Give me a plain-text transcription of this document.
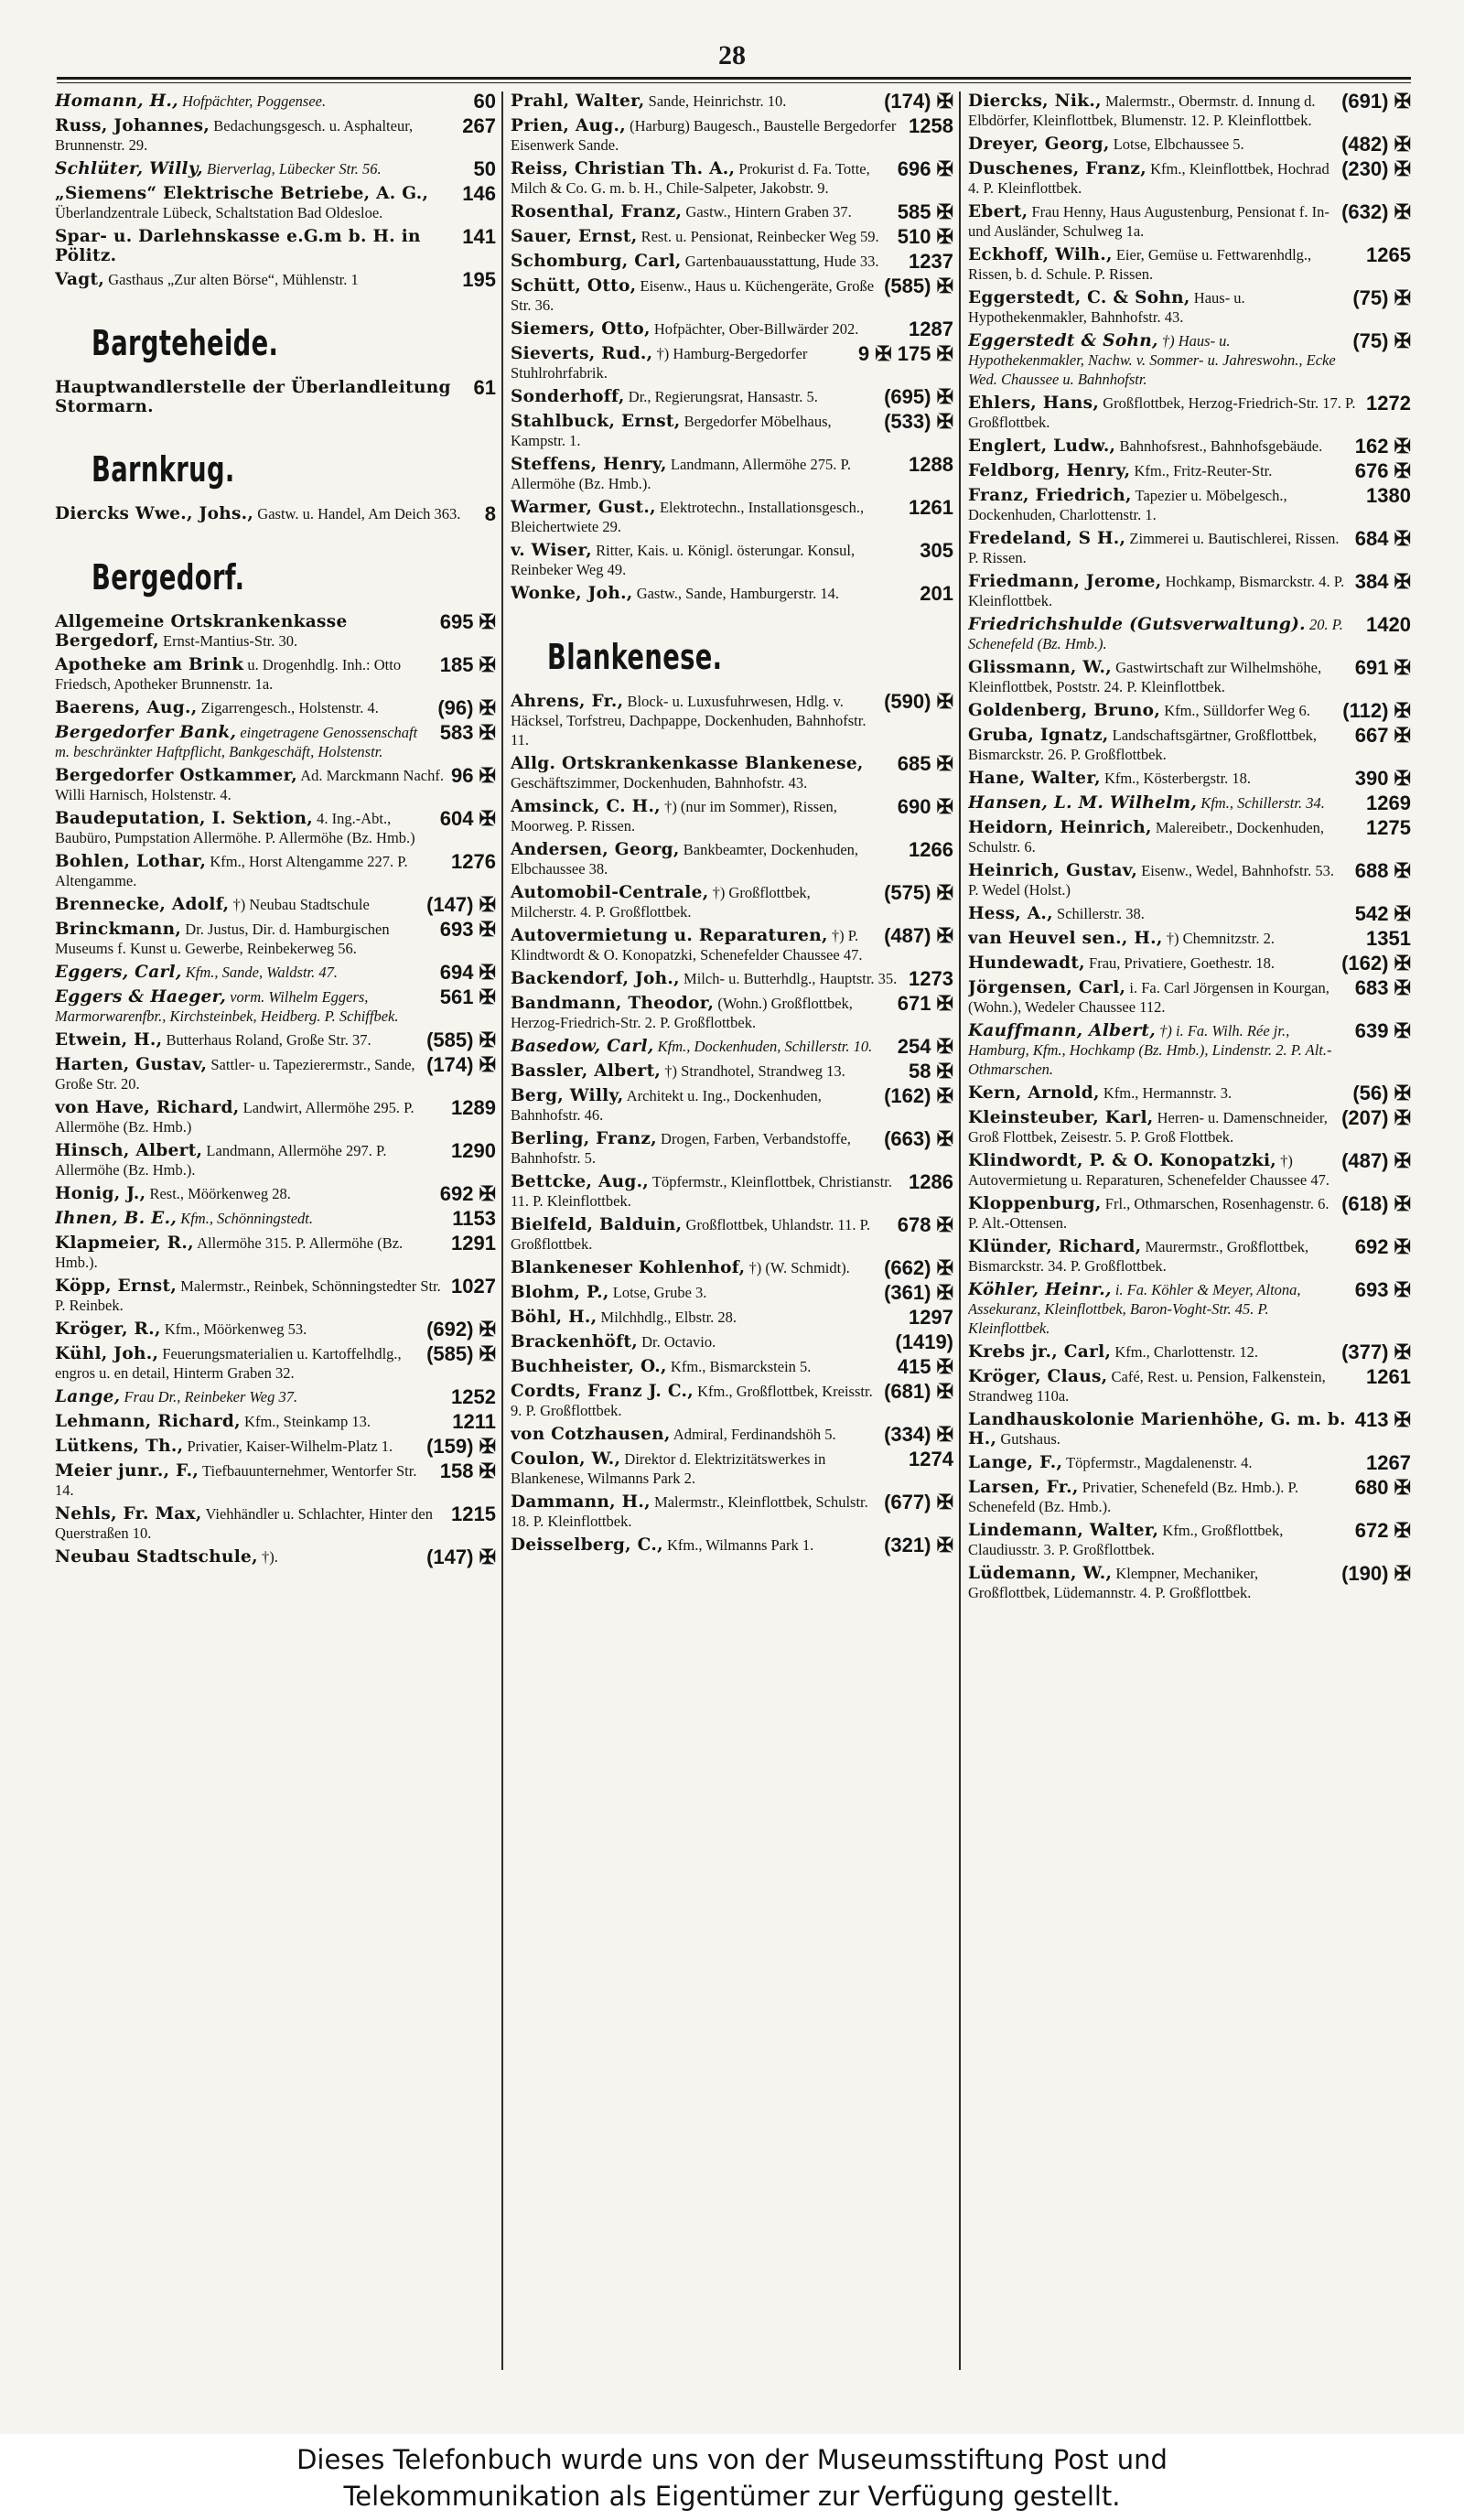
28
60
Homann, H., Hofpächter, Poggensee.
267
Russ, Johannes, Bedachungsgesch. u. Asphalteur, Brunnenstr. 29.
50
Schlüter, Willy, Bierverlag, Lübecker Str. 56.
146
„Siemens“ Elektrische Betriebe, A. G., Überlandzentrale Lübeck, Schaltstation Bad Oldesloe.
141
Spar- u. Darlehnskasse e.G.m b. H. in Pölitz.
195
Vagt, Gasthaus „Zur alten Börse“, Mühlenstr. 1
Bargteheide.
61
Hauptwandlerstelle der Überlandleitung Stormarn.
Barnkrug.
8
Diercks Wwe., Johs., Gastw. u. Handel, Am Deich 363.
Bergedorf.
695 ✠
Allgemeine Ortskrankenkasse Bergedorf, Ernst-Mantius-Str. 30.
185 ✠
Apotheke am Brink u. Drogenhdlg. Inh.: Otto Friedsch, Apotheker Brunnenstr. 1a.
(96) ✠
Baerens, Aug., Zigarrengesch., Holstenstr. 4.
583 ✠
Bergedorfer Bank, eingetragene Genossenschaft m. beschränkter Haftpflicht, Bankgeschäft, Holstenstr.
96 ✠
Bergedorfer Ostkammer, Ad. Marckmann Nachf. Willi Harnisch, Holstenstr. 4.
604 ✠
Baudeputation, I. Sektion, 4. Ing.-Abt., Baubüro, Pumpstation Allermöhe. P. Allermöhe (Bz. Hmb.)
1276
Bohlen, Lothar, Kfm., Horst Altengamme 227. P. Altengamme.
(147) ✠
Brennecke, Adolf, †) Neubau Stadtschule
693 ✠
Brinckmann, Dr. Justus, Dir. d. Hamburgischen Museums f. Kunst u. Gewerbe, Reinbekerweg 56.
694 ✠
Eggers, Carl, Kfm., Sande, Waldstr. 47.
561 ✠
Eggers & Haeger, vorm. Wilhelm Eggers, Marmorwarenfbr., Kirchsteinbek, Heidberg. P. Schiffbek.
(585) ✠
Etwein, H., Butterhaus Roland, Große Str. 37.
(174) ✠
Harten, Gustav, Sattler- u. Tapezierermstr., Sande, Große Str. 20.
1289
von Have, Richard, Landwirt, Allermöhe 295. P. Allermöhe (Bz. Hmb.)
1290
Hinsch, Albert, Landmann, Allermöhe 297. P. Allermöhe (Bz. Hmb.).
692 ✠
Honig, J., Rest., Möörkenweg 28.
1153
Ihnen, B. E., Kfm., Schönningstedt.
1291
Klapmeier, R., Allermöhe 315. P. Allermöhe (Bz. Hmb.).
1027
Köpp, Ernst, Malermstr., Reinbek, Schönningstedter Str. P. Reinbek.
(692) ✠
Kröger, R., Kfm., Möörkenweg 53.
(585) ✠
Kühl, Joh., Feuerungsmaterialien u. Kartoffelhdlg., engros u. en detail, Hinterm Graben 32.
1252
Lange, Frau Dr., Reinbeker Weg 37.
1211
Lehmann, Richard, Kfm., Steinkamp 13.
(159) ✠
Lütkens, Th., Privatier, Kaiser-Wilhelm-Platz 1.
158 ✠
Meier junr., F., Tiefbauunternehmer, Wentorfer Str. 14.
1215
Nehls, Fr. Max, Viehhändler u. Schlachter, Hinter den Querstraßen 10.
(147) ✠
Neubau Stadtschule, †).
(174) ✠
Prahl, Walter, Sande, Heinrichstr. 10.
1258
Prien, Aug., (Harburg) Baugesch., Baustelle Bergedorfer Eisenwerk Sande.
696 ✠
Reiss, Christian Th. A., Prokurist d. Fa. Totte, Milch & Co. G. m. b. H., Chile-Salpeter, Jakobstr. 9.
585 ✠
Rosenthal, Franz, Gastw., Hintern Graben 37.
510 ✠
Sauer, Ernst, Rest. u. Pensionat, Reinbecker Weg 59.
1237
Schomburg, Carl, Gartenbauausstattung, Hude 33.
(585) ✠
Schütt, Otto, Eisenw., Haus u. Küchengeräte, Große Str. 36.
1287
Siemers, Otto, Hofpächter, Ober-Billwärder 202.
9 ✠ 175 ✠
Sieverts, Rud., †) Hamburg-Bergedorfer Stuhlrohrfabrik.
(695) ✠
Sonderhoff, Dr., Regierungsrat, Hansastr. 5.
(533) ✠
Stahlbuck, Ernst, Bergedorfer Möbelhaus, Kampstr. 1.
1288
Steffens, Henry, Landmann, Allermöhe 275. P. Allermöhe (Bz. Hmb.).
1261
Warmer, Gust., Elektrotechn., Installationsgesch., Bleichertwiete 29.
305
v. Wiser, Ritter, Kais. u. Königl. österungar. Konsul, Reinbeker Weg 49.
201
Wonke, Joh., Gastw., Sande, Hamburgerstr. 14.
Blankenese.
(590) ✠
Ahrens, Fr., Block- u. Luxusfuhrwesen, Hdlg. v. Häcksel, Torfstreu, Dachpappe, Dockenhuden, Bahnhofstr. 11.
685 ✠
Allg. Ortskrankenkasse Blankenese, Geschäftszimmer, Dockenhuden, Bahnhofstr. 43.
690 ✠
Amsinck, C. H., †) (nur im Sommer), Rissen, Moorweg. P. Rissen.
1266
Andersen, Georg, Bankbeamter, Dockenhuden, Elbchaussee 38.
(575) ✠
Automobil-Centrale, †) Großflottbek, Milcherstr. 4. P. Großflottbek.
(487) ✠
Autovermietung u. Reparaturen, †) P. Klindtwordt & O. Konopatzki, Schenefelder Chaussee 47.
1273
Backendorf, Joh., Milch- u. Butterhdlg., Hauptstr. 35.
671 ✠
Bandmann, Theodor, (Wohn.) Großflottbek, Herzog-Friedrich-Str. 2. P. Großflottbek.
254 ✠
Basedow, Carl, Kfm., Dockenhuden, Schillerstr. 10.
58 ✠
Bassler, Albert, †) Strandhotel, Strandweg 13.
(162) ✠
Berg, Willy, Architekt u. Ing., Dockenhuden, Bahnhofstr. 46.
(663) ✠
Berling, Franz, Drogen, Farben, Verbandstoffe, Bahnhofstr. 5.
1286
Bettcke, Aug., Töpfermstr., Kleinflottbek, Christianstr. 11. P. Kleinflottbek.
678 ✠
Bielfeld, Balduin, Großflottbek, Uhlandstr. 11. P. Großflottbek.
(662) ✠
Blankeneser Kohlenhof, †) (W. Schmidt).
(361) ✠
Blohm, P., Lotse, Grube 3.
1297
Böhl, H., Milchhdlg., Elbstr. 28.
(1419)
Brackenhöft, Dr. Octavio.
415 ✠
Buchheister, O., Kfm., Bismarckstein 5.
(681) ✠
Cordts, Franz J. C., Kfm., Großflottbek, Kreisstr. 9. P. Großflottbek.
(334) ✠
von Cotzhausen, Admiral, Ferdinandshöh 5.
1274
Coulon, W., Direktor d. Elektrizitätswerkes in Blankenese, Wilmanns Park 2.
(677) ✠
Dammann, H., Malermstr., Kleinflottbek, Schulstr. 18. P. Kleinflottbek.
(321) ✠
Deisselberg, C., Kfm., Wilmanns Park 1.
(691) ✠
Diercks, Nik., Malermstr., Obermstr. d. Innung d. Elbdörfer, Kleinflottbek, Blumenstr. 12. P. Kleinflottbek.
(482) ✠
Dreyer, Georg, Lotse, Elbchaussee 5.
(230) ✠
Duschenes, Franz, Kfm., Kleinflottbek, Hochrad 4. P. Kleinflottbek.
(632) ✠
Ebert, Frau Henny, Haus Augustenburg, Pensionat f. In- und Ausländer, Schulweg 1a.
1265
Eckhoff, Wilh., Eier, Gemüse u. Fettwarenhdlg., Rissen, b. d. Schule. P. Rissen.
(75) ✠
Eggerstedt, C. & Sohn, Haus- u. Hypothekenmakler, Bahnhofstr. 43.
(75) ✠
Eggerstedt & Sohn, †) Haus- u. Hypothekenmakler, Nachw. v. Sommer- u. Jahreswohn., Ecke Wed. Chaussee u. Bahnhofstr.
1272
Ehlers, Hans, Großflottbek, Herzog-Friedrich-Str. 17. P. Großflottbek.
162 ✠
Englert, Ludw., Bahnhofsrest., Bahnhofsgebäude.
676 ✠
Feldborg, Henry, Kfm., Fritz-Reuter-Str.
1380
Franz, Friedrich, Tapezier u. Möbelgesch., Dockenhuden, Charlottenstr. 1.
684 ✠
Fredeland, S H., Zimmerei u. Bautischlerei, Rissen. P. Rissen.
384 ✠
Friedmann, Jerome, Hochkamp, Bismarckstr. 4. P. Kleinflottbek.
1420
Friedrichshulde (Gutsverwaltung). 20. P. Schenefeld (Bz. Hmb.).
691 ✠
Glissmann, W., Gastwirtschaft zur Wilhelmshöhe, Kleinflottbek, Poststr. 24. P. Kleinflottbek.
(112) ✠
Goldenberg, Bruno, Kfm., Sülldorfer Weg 6.
667 ✠
Gruba, Ignatz, Landschaftsgärtner, Großflottbek, Bismarckstr. 26. P. Großflottbek.
390 ✠
Hane, Walter, Kfm., Kösterbergstr. 18.
1269
Hansen, L. M. Wilhelm, Kfm., Schillerstr. 34.
1275
Heidorn, Heinrich, Malereibetr., Dockenhuden, Schulstr. 6.
688 ✠
Heinrich, Gustav, Eisenw., Wedel, Bahnhofstr. 53. P. Wedel (Holst.)
542 ✠
Hess, A., Schillerstr. 38.
1351
van Heuvel sen., H., †) Chemnitzstr. 2.
(162) ✠
Hundewadt, Frau, Privatiere, Goethestr. 18.
683 ✠
Jörgensen, Carl, i. Fa. Carl Jörgensen in Kourgan, (Wohn.), Wedeler Chaussee 112.
639 ✠
Kauffmann, Albert, †) i. Fa. Wilh. Rée jr., Hamburg, Kfm., Hochkamp (Bz. Hmb.), Lindenstr. 2. P. Alt.-Othmarschen.
(56) ✠
Kern, Arnold, Kfm., Hermannstr. 3.
(207) ✠
Kleinsteuber, Karl, Herren- u. Damenschneider, Groß Flottbek, Zeisestr. 5. P. Groß Flottbek.
(487) ✠
Klindwordt, P. & O. Konopatzki, †) Autovermietung u. Reparaturen, Schenefelder Chaussee 47.
(618) ✠
Kloppenburg, Frl., Othmarschen, Rosenhagenstr. 6. P. Alt.-Ottensen.
692 ✠
Klünder, Richard, Maurermstr., Großflottbek, Bismarckstr. 34. P. Großflottbek.
693 ✠
Köhler, Heinr., i. Fa. Köhler & Meyer, Altona, Assekuranz, Kleinflottbek, Baron-Voght-Str. 45. P. Kleinflottbek.
(377) ✠
Krebs jr., Carl, Kfm., Charlottenstr. 12.
1261
Kröger, Claus, Café, Rest. u. Pension, Falkenstein, Strandweg 110a.
413 ✠
Landhauskolonie Marienhöhe, G. m. b. H., Gutshaus.
1267
Lange, F., Töpfermstr., Magdalenenstr. 4.
680 ✠
Larsen, Fr., Privatier, Schenefeld (Bz. Hmb.). P. Schenefeld (Bz. Hmb.).
672 ✠
Lindemann, Walter, Kfm., Großflottbek, Claudiusstr. 3. P. Großflottbek.
(190) ✠
Lüdemann, W., Klempner, Mechaniker, Großflottbek, Lüdemannstr. 4. P. Großflottbek.
Dieses Telefonbuch wurde uns von der Museumsstiftung Post und
Telekommunikation als Eigentümer zur Verfügung gestellt.
